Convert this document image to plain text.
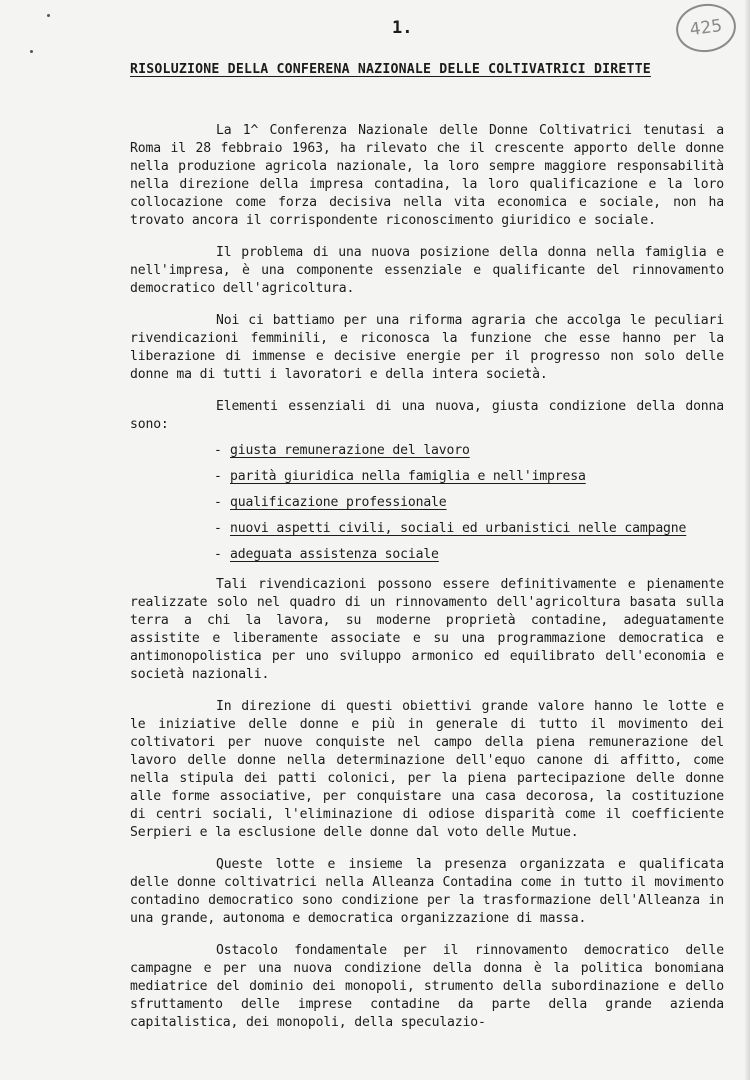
1.	425
RISOLUZIONE DELLA CONFERENA NAZIONALE DELLE COLTIVATRICI DIRETTE

La 1^ Conferenza Nazionale delle Donne Coltivatrici tenutasi a Roma il 28 febbraio 1963, ha rilevato che il crescente apporto delle donne nella produzione agricola nazionale, la loro sempre maggiore responsabilità nella direzione della impresa contadina, la loro qualificazione e la loro collocazione come forza decisiva nella vita economica e sociale, non ha trovato ancora il corrispondente riconoscimento giuridico e sociale.

Il problema di una nuova posizione della donna nella famiglia e nell'impresa, è una componente essenziale e qualificante del rinnovamento democratico dell'agricoltura.

Noi ci battiamo per una riforma agraria che accolga le peculiari rivendicazioni femminili, e riconosca la funzione che esse hanno per la liberazione di immense e decisive energie per il progresso non solo delle donne ma di tutti i lavoratori e della intera società.

Elementi essenziali di una nuova, giusta condizione della donna sono:

- giusta remunerazione del lavoro
- parità giuridica nella famiglia e nell'impresa
- qualificazione professionale
- nuovi aspetti civili, sociali ed urbanistici nelle campagne
- adeguata assistenza sociale

Tali rivendicazioni possono essere definitivamente e pienamente realizzate solo nel quadro di un rinnovamento dell'agricoltura basata sulla terra a chi la lavora, su moderne proprietà contadine, adeguatamente assistite e liberamente associate e su una programmazione democratica e antimonopolistica per uno sviluppo armonico ed equilibrato dell'economia e società nazionali.

In direzione di questi obiettivi grande valore hanno le lotte e le iniziative delle donne e più in generale di tutto il movimento dei coltivatori per nuove conquiste nel campo della piena remunerazione del lavoro delle donne nella determinazione dell'equo canone di affitto, come nella stipula dei patti colonici, per la piena partecipazione delle donne alle forme associative, per conquistare una casa decorosa, la costituzione di centri sociali, l'eliminazione di odiose disparità come il coefficiente Serpieri e la esclusione delle donne dal voto delle Mutue.

Queste lotte e insieme la presenza organizzata e qualificata delle donne coltivatrici nella Alleanza Contadina come in tutto il movimento contadino democratico sono condizione per la trasformazione dell'Alleanza in una grande, autonoma e democratica organizzazione di massa.

Ostacolo fondamentale per il rinnovamento democratico delle campagne e per una nuova condizione della donna è la politica bonomiana mediatrice del dominio dei monopoli, strumento della subordinazione e dello sfruttamento delle imprese contadine da parte della grande azienda capitalistica, dei monopoli, della speculazio-
